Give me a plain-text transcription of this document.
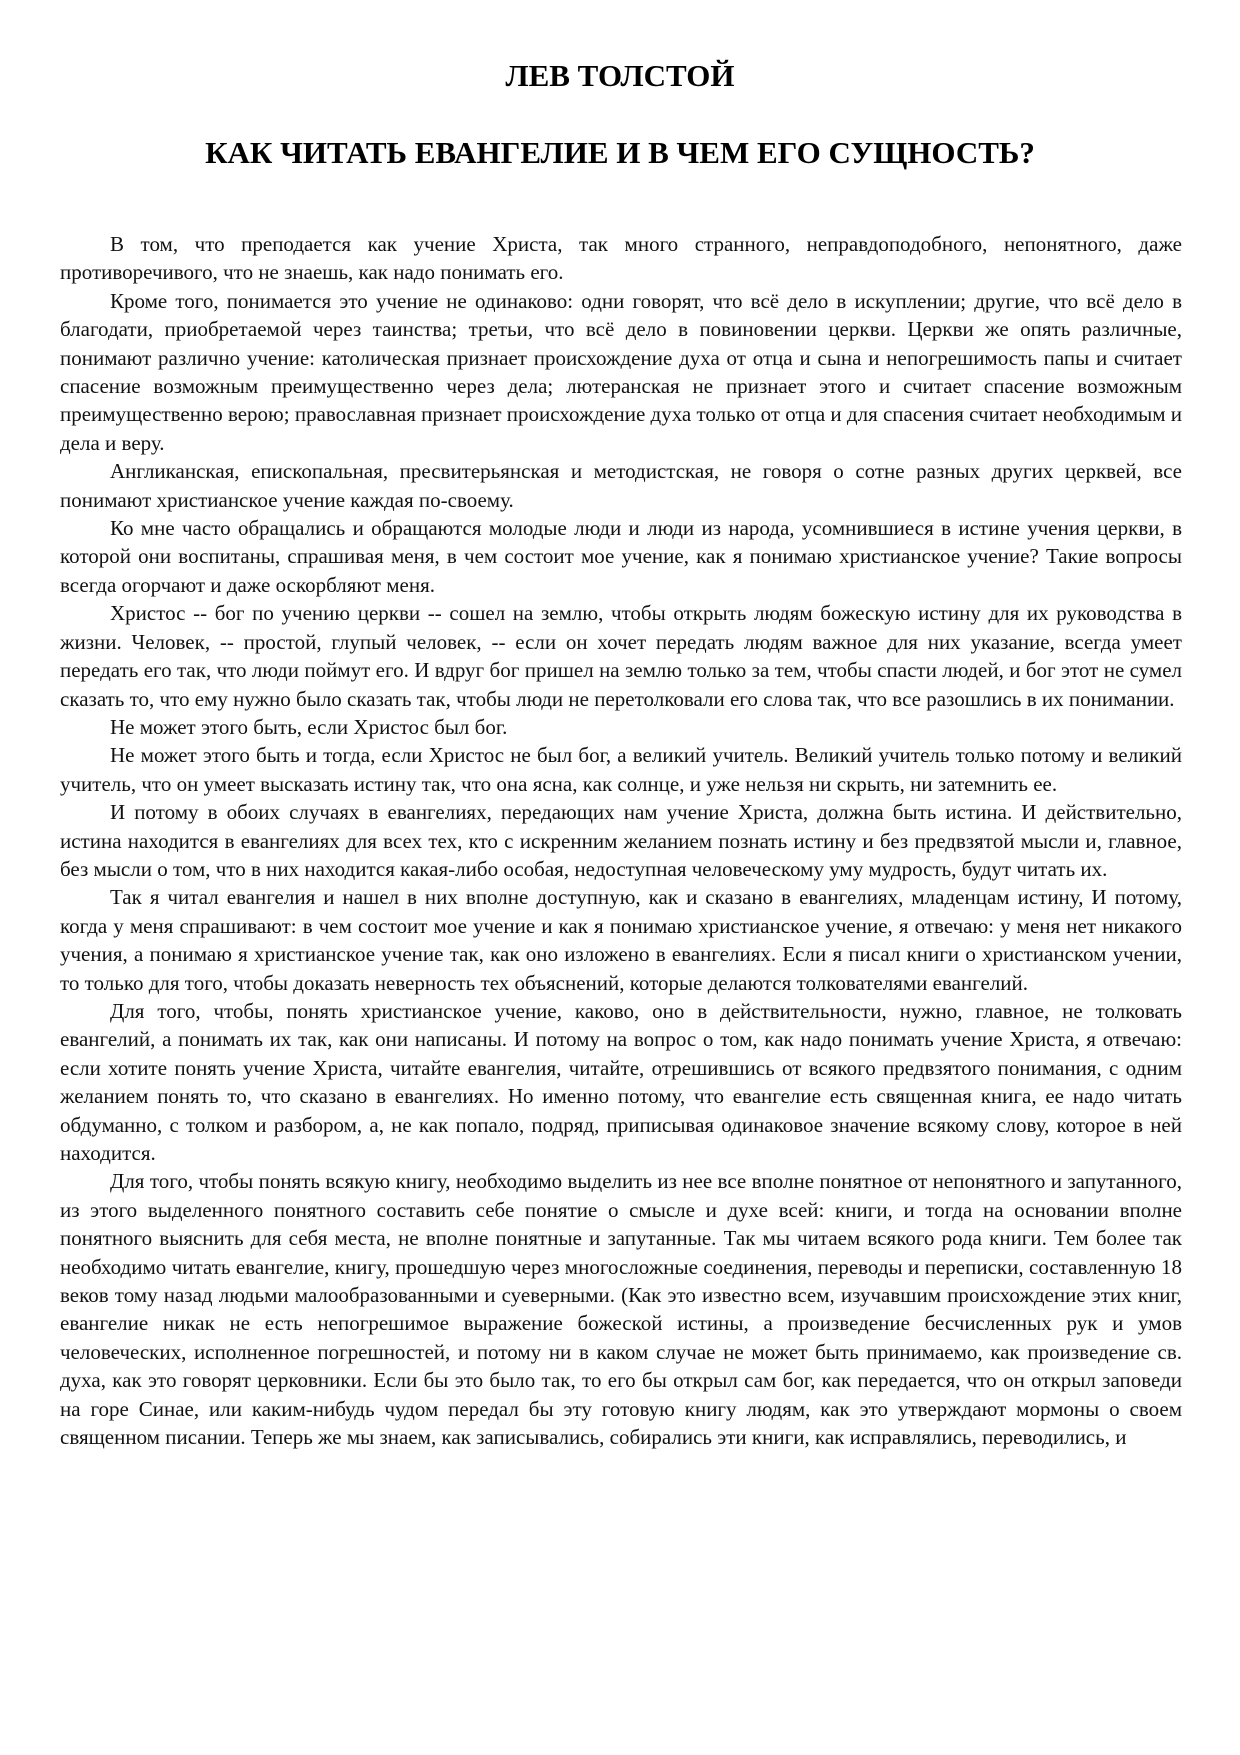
ЛЕВ ТОЛСТОЙ
КАК ЧИТАТЬ ЕВАНГЕЛИЕ И В ЧЕМ ЕГО СУЩНОСТЬ?

В том, что преподается как учение Христа, так много странного, неправдоподобного, непонятного, даже противоречивого, что не знаешь, как надо понимать его.

Кроме того, понимается это учение не одинаково: одни говорят, что всё дело в искуплении; другие, что всё дело в благодати, приобретаемой через таинства; третьи, что всё дело в повиновении церкви. Церкви же опять различные, понимают различно учение: католическая признает происхождение духа от отца и сына и непогрешимость папы и считает спасение возможным преимущественно через дела; лютеранская не признает этого и считает спасение возможным преимущественно верою; православная признает происхождение духа только от отца и для спасения считает необходимым и дела и веру.

Англиканская, епископальная, пресвитерьянская и методистская, не говоря о сотне разных других церквей, все понимают христианское учение каждая по-своему.

Ко мне часто обращались и обращаются молодые люди и люди из народа, усомнившиеся в истине учения церкви, в которой они воспитаны, спрашивая меня, в чем состоит мое учение, как я понимаю христианское учение? Такие вопросы всегда огорчают и даже оскорбляют меня.

Христос -- бог по учению церкви -- сошел на землю, чтобы открыть людям божескую истину для их руководства в жизни. Человек, -- простой, глупый человек, -- если он хочет передать людям важное для них указание, всегда умеет передать его так, что люди поймут его. И вдруг бог пришел на землю только за тем, чтобы спасти людей, и бог этот не сумел сказать то, что ему нужно было сказать так, чтобы люди не перетолковали его слова так, что все разошлись в их понимании.

Не может этого быть, если Христос был бог.

Не может этого быть и тогда, если Христос не был бог, а великий учитель. Великий учитель только потому и великий учитель, что он умеет высказать истину так, что она ясна, как солнце, и уже нельзя ни скрыть, ни затемнить ее.

И потому в обоих случаях в евангелиях, передающих нам учение Христа, должна быть истина. И действительно, истина находится в евангелиях для всех тех, кто с искренним желанием познать истину и без предвзятой мысли и, главное, без мысли о том, что в них находится какая-либо особая, недоступная человеческому уму мудрость, будут читать их.

Так я читал евангелия и нашел в них вполне доступную, как и сказано в евангелиях, младенцам истину, И потому, когда у меня спрашивают: в чем состоит мое учение и как я понимаю христианское учение, я отвечаю: у меня нет никакого учения, а понимаю я христианское учение так, как оно изложено в евангелиях. Если я писал книги о христианском учении, то только для того, чтобы доказать неверность тех объяснений, которые делаются толкователями евангелий.

Для того, чтобы, понять христианское учение, каково, оно в действительности, нужно, главное, не толковать евангелий, а понимать их так, как они написаны. И потому на вопрос о том, как надо понимать учение Христа, я отвечаю: если хотите понять учение Христа, читайте евангелия, читайте, отрешившись от всякого предвзятого понимания, с одним желанием понять то, что сказано в евангелиях. Но именно потому, что евангелие есть священная книга, ее надо читать обдуманно, с толком и разбором, а, не как попало, подряд, приписывая одинаковое значение всякому слову, которое в ней находится.

Для того, чтобы понять всякую книгу, необходимо выделить из нее все вполне понятное от непонятного и запутанного, из этого выделенного понятного составить себе понятие о смысле и духе всей: книги, и тогда на основании вполне понятного выяснить для себя места, не вполне понятные и запутанные. Так мы читаем всякого рода книги. Тем более так необходимо читать евангелие, книгу, прошедшую через многосложные соединения, переводы и переписки, составленную 18 веков тому назад людьми малообразованными и суеверными. (Как это известно всем, изучавшим происхождение этих книг, евангелие никак не есть непогрешимое выражение божеской истины, а произведение бесчисленных рук и умов человеческих, исполненное погрешностей, и потому ни в каком случае не может быть принимаемо, как произведение св. духа, как это говорят церковники. Если бы это было так, то его бы открыл сам бог, как передается, что он открыл заповеди на горе Синае, или каким-нибудь чудом передал бы эту готовую книгу людям, как это утверждают мормоны о своем священном писании. Теперь же мы знаем, как записывались, собирались эти книги, как исправлялись, переводились, и
